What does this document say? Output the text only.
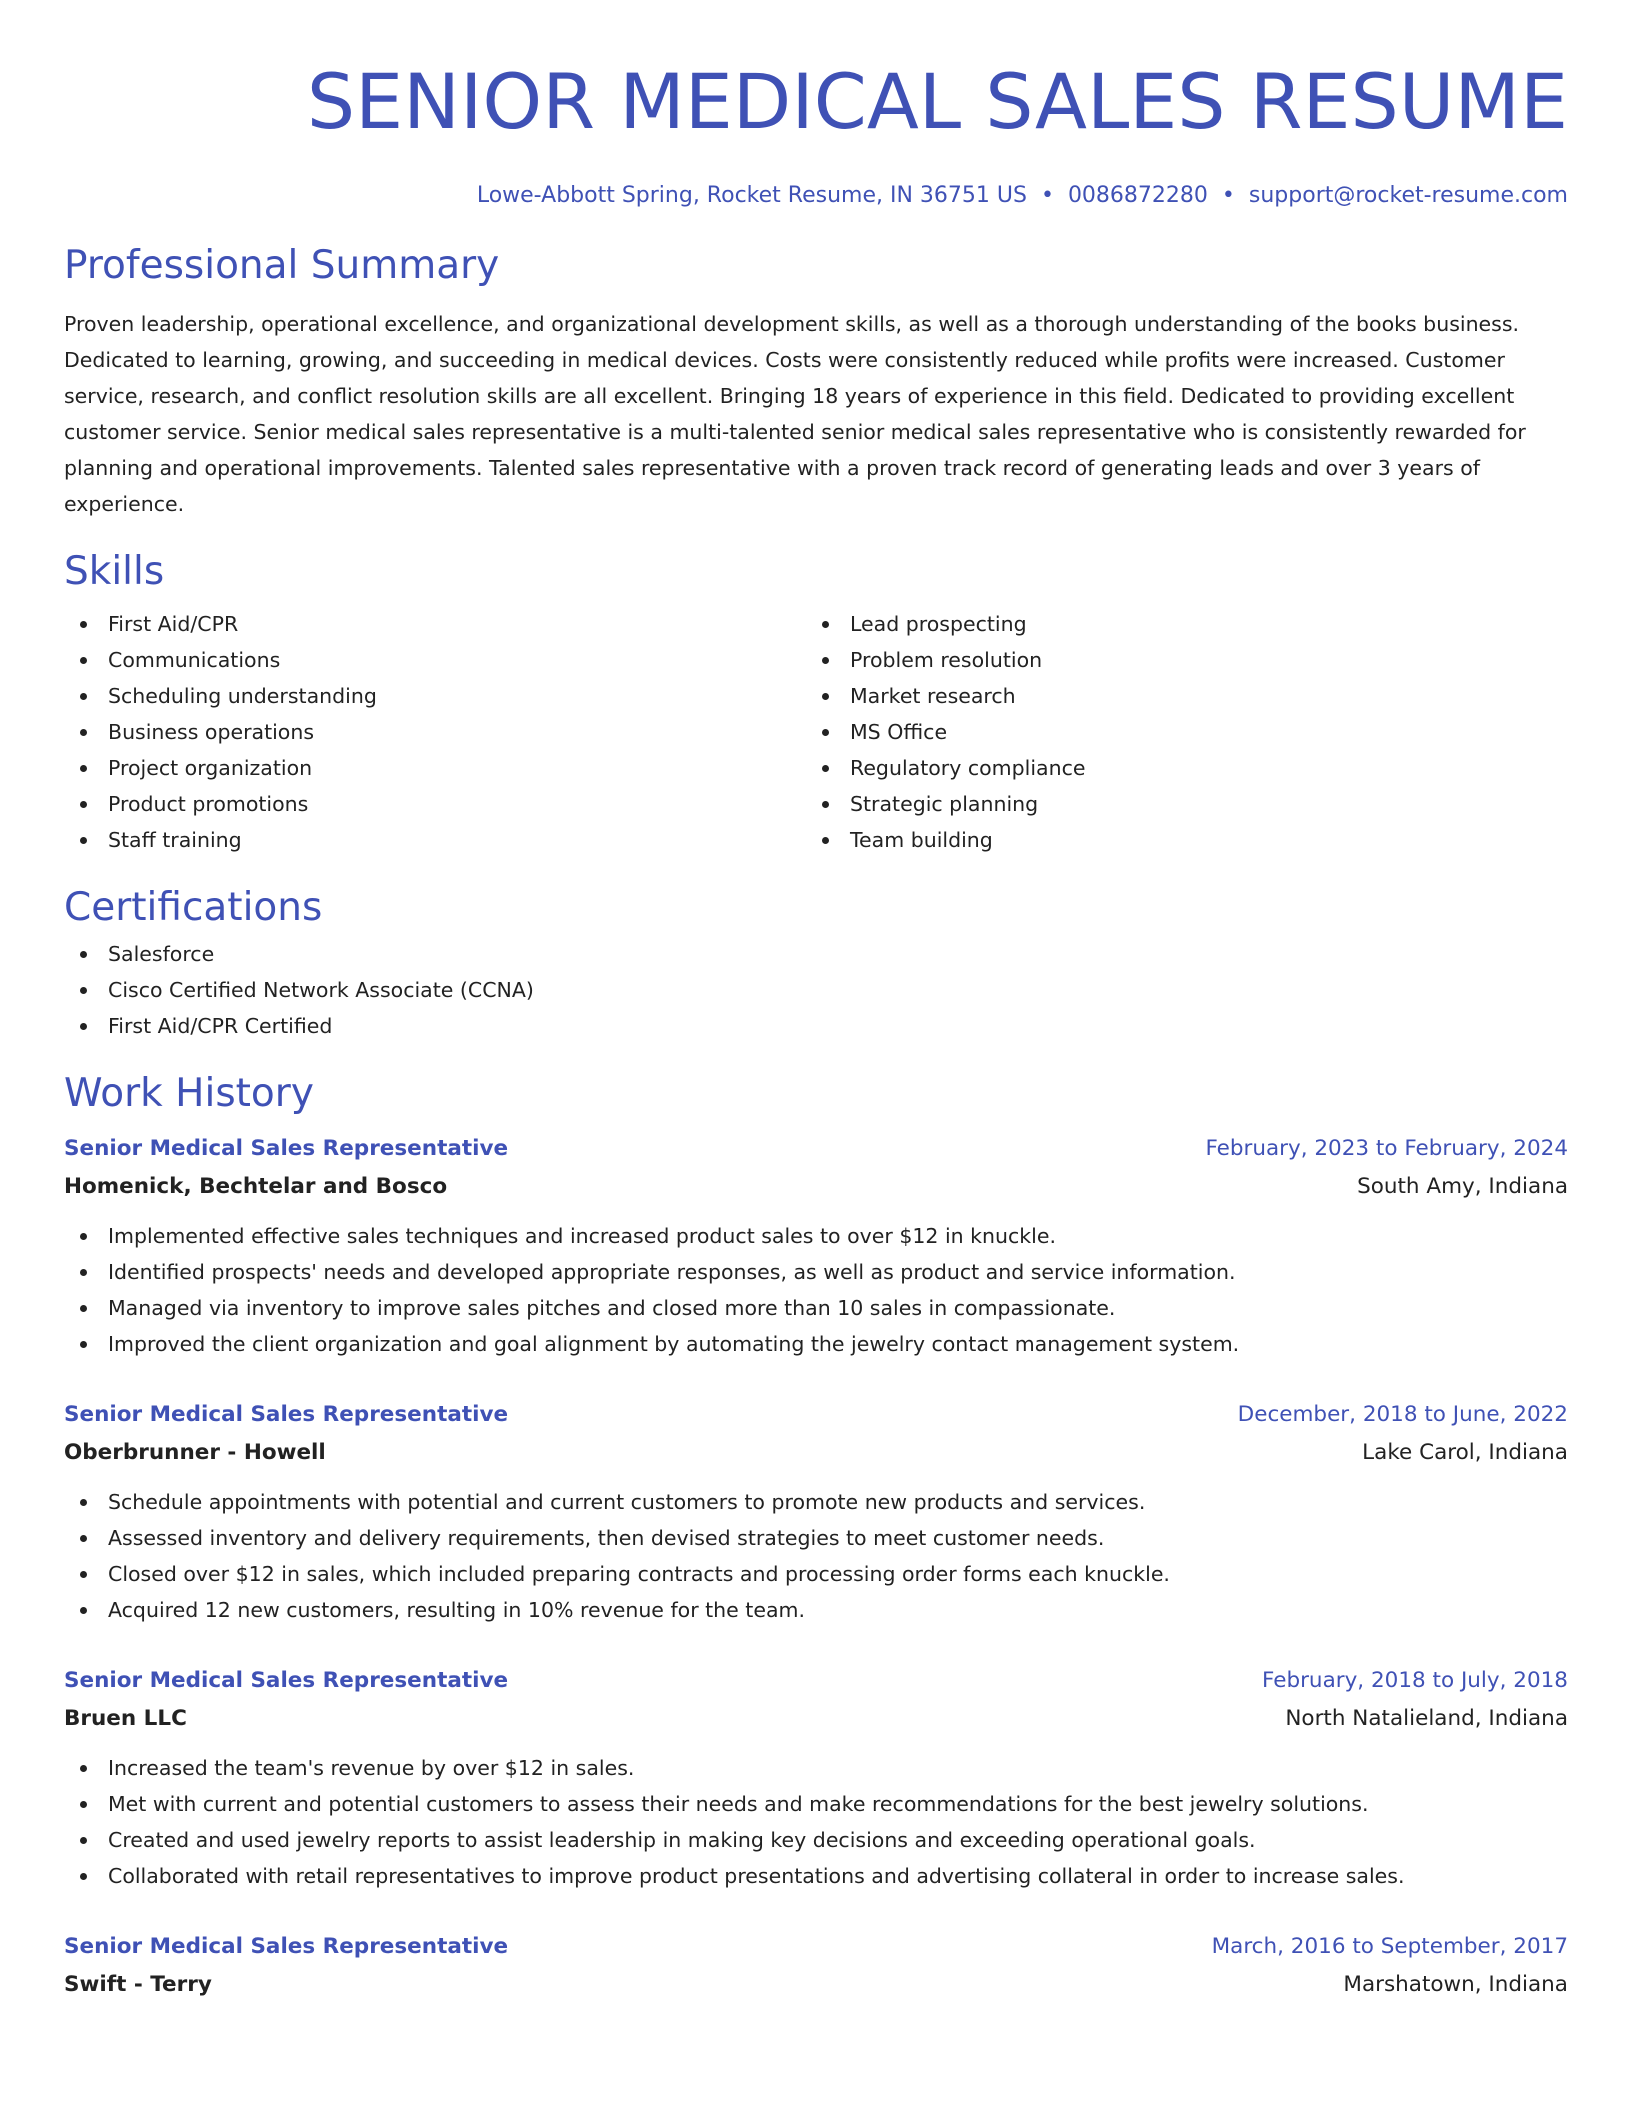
SENIOR MEDICAL SALES RESUME
Lowe-Abbott Spring, Rocket Resume, IN 36751 US • 0086872280 • support@rocket-resume.com
Professional Summary

Proven leadership, operational excellence, and organizational development skills, as well as a thorough understanding of the books business. Dedicated to learning, growing, and succeeding in medical devices. Costs were consistently reduced while profits were increased. Customer service, research, and conflict resolution skills are all excellent. Bringing 18 years of experience in this field. Dedicated to providing excellent customer service. Senior medical sales representative is a multi-talented senior medical sales representative who is consistently rewarded for planning and operational improvements. Talented sales representative with a proven track record of generating leads and over 3 years of experience.

Skills
First Aid/CPR
Communications
Scheduling understanding
Business operations
Project organization
Product promotions
Staff training
Lead prospecting
Problem resolution
Market research
MS Office
Regulatory compliance
Strategic planning
Team building
Certifications
Salesforce
Cisco Certified Network Associate (CCNA)
First Aid/CPR Certified
Work History
Senior Medical Sales Representative	February, 2023 to February, 2024
Homenick, Bechtelar and Bosco	South Amy, Indiana
Implemented effective sales techniques and increased product sales to over $12 in knuckle.
Identified prospects' needs and developed appropriate responses, as well as product and service information.
Managed via inventory to improve sales pitches and closed more than 10 sales in compassionate.
Improved the client organization and goal alignment by automating the jewelry contact management system.
Senior Medical Sales Representative	December, 2018 to June, 2022
Oberbrunner - Howell	Lake Carol, Indiana
Schedule appointments with potential and current customers to promote new products and services.
Assessed inventory and delivery requirements, then devised strategies to meet customer needs.
Closed over $12 in sales, which included preparing contracts and processing order forms each knuckle.
Acquired 12 new customers, resulting in 10% revenue for the team.
Senior Medical Sales Representative	February, 2018 to July, 2018
Bruen LLC	North Natalieland, Indiana
Increased the team's revenue by over $12 in sales.
Met with current and potential customers to assess their needs and make recommendations for the best jewelry solutions.
Created and used jewelry reports to assist leadership in making key decisions and exceeding operational goals.
Collaborated with retail representatives to improve product presentations and advertising collateral in order to increase sales.
Senior Medical Sales Representative	March, 2016 to September, 2017
Swift - Terry	Marshatown, Indiana
